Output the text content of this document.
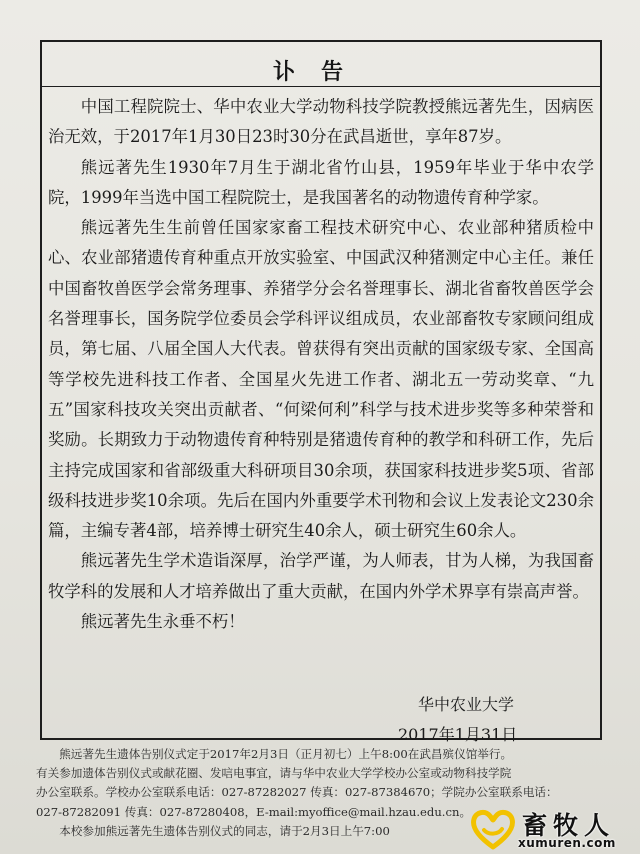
讣告

中国工程院院士、华中农业大学动物科技学院教授熊远著先生，因病医治无效，于2017年1月30日23时30分在武昌逝世，享年87岁。

熊远著先生1930年7月生于湖北省竹山县，1959年毕业于华中农学院，1999年当选中国工程院院士，是我国著名的动物遗传育种学家。

熊远著先生生前曾任国家家畜工程技术研究中心、农业部种猪质检中心、农业部猪遗传育种重点开放实验室、中国武汉种猪测定中心主任。兼任中国畜牧兽医学会常务理事、养猪学分会名誉理事长、湖北省畜牧兽医学会名誉理事长，国务院学位委员会学科评议组成员，农业部畜牧专家顾问组成员，第七届、八届全国人大代表。曾获得有突出贡献的国家级专家、全国高等学校先进科技工作者、全国星火先进工作者、湖北五一劳动奖章、“九五”国家科技攻关突出贡献者、“何梁何利”科学与技术进步奖等多种荣誉和奖励。长期致力于动物遗传育种特别是猪遗传育种的教学和科研工作，先后主持完成国家和省部级重大科研项目30余项，获国家科技进步奖5项、省部级科技进步奖10余项。先后在国内外重要学术刊物和会议上发表论文230余篇，主编专著4部，培养博士研究生40余人，硕士研究生60余人。

熊远著先生学术造诣深厚，治学严谨，为人师表，甘为人梯，为我国畜牧学科的发展和人才培养做出了重大贡献，在国内外学术界享有崇高声誉。

熊远著先生永垂不朽！

华中农业大学
2017年1月31日

熊远著先生遗体告别仪式定于2017年2月3日（正月初七）上午8:00在武昌殡仪馆举行。

有关参加遗体告别仪式或献花圈、发唁电事宜，请与华中农业大学学校办公室或动物科技学院

办公室联系。学校办公室联系电话：027-87282027 传真：027-87384670；学院办公室联系电话：

027-87282091 传真：027-87280408，E-mail:myoffice@mail.hzau.edu.cn。

本校参加熊远著先生遗体告别仪式的同志，请于2月3日上午7:00	畜牧人
xumuren.com
